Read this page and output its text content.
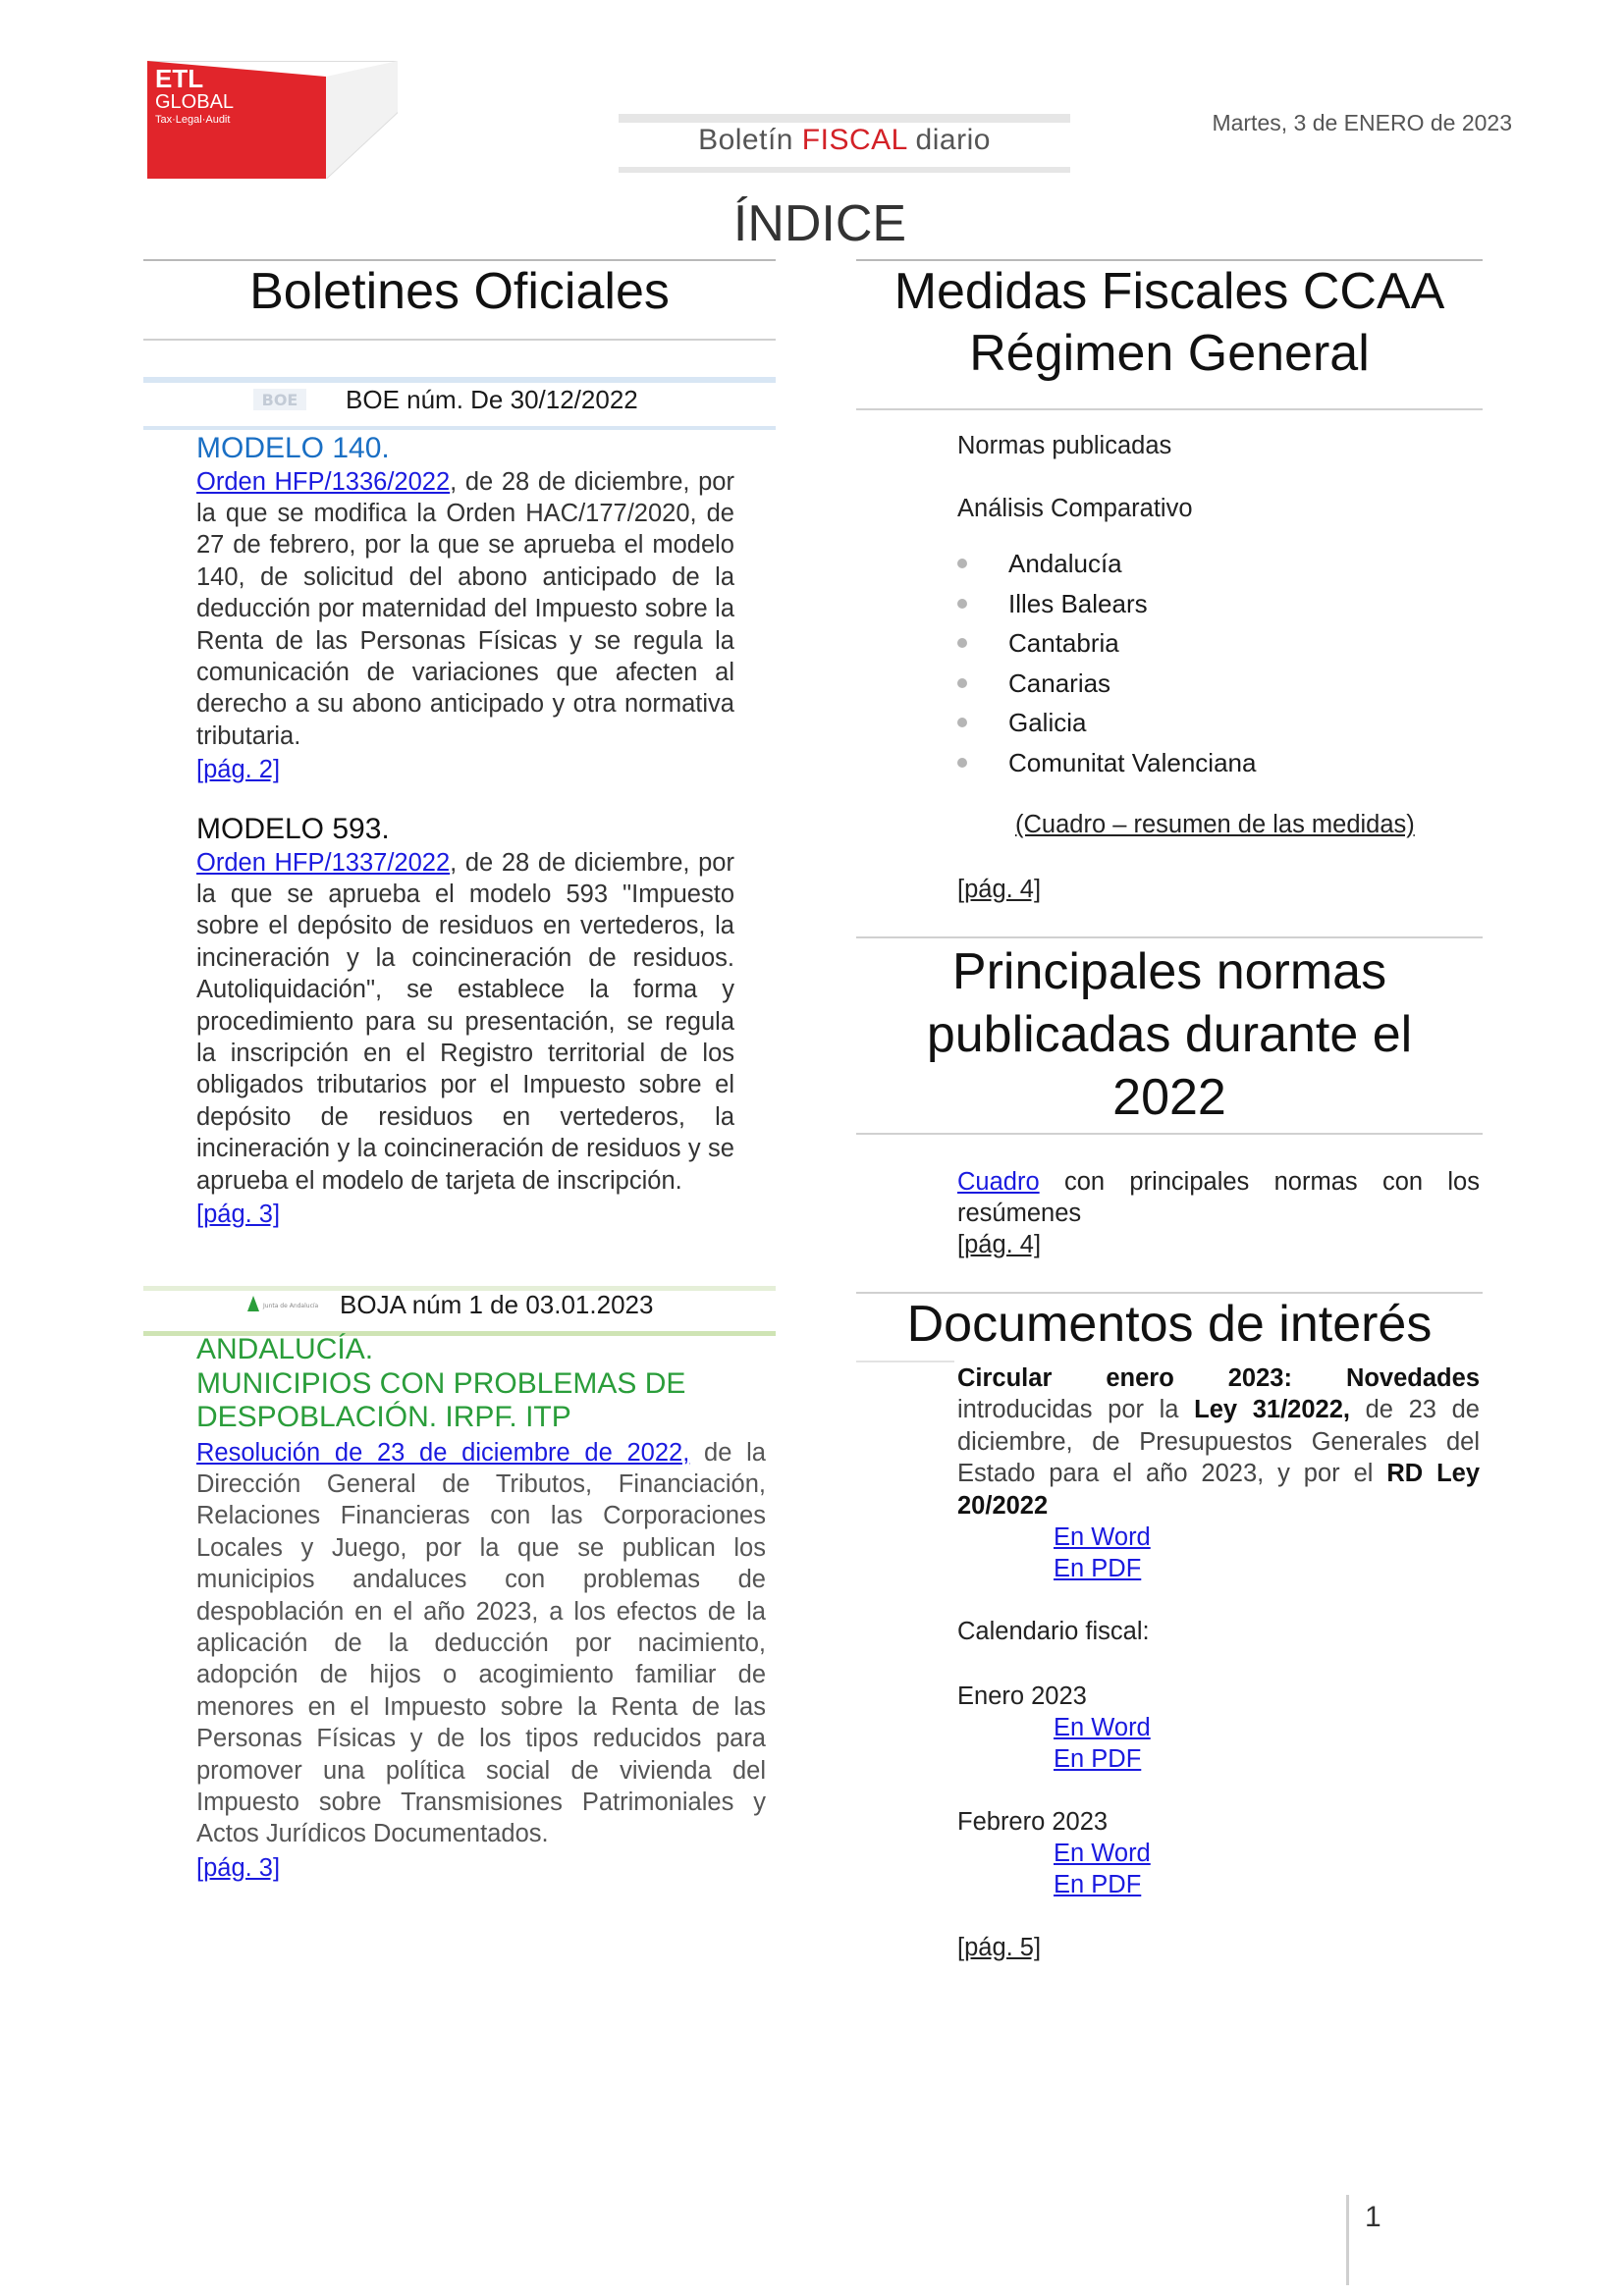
ETL
GLOBAL
Tax·Legal·Audit
Boletín FISCAL diario
Martes, 3 de ENERO de 2023
ÍNDICE
Boletines Oficiales
BOE BOE núm. De 30/12/2022
MODELO 140.
Orden HFP/1336/2022, de 28 de diciembre, por la que se modifica la Orden HAC/177/2020, de 27 de febrero, por la que se aprueba el modelo 140, de solicitud del abono anticipado de la deducción por maternidad del Impuesto sobre la Renta de las Personas Físicas y se regula la comunicación de variaciones que afecten al derecho a su abono anticipado y otra normativa tributaria.
[pág. 2]
MODELO 593.
Orden HFP/1337/2022, de 28 de diciembre, por la que se aprueba el modelo 593 "Impuesto sobre el depósito de residuos en vertederos, la incineración y la coincineración de residuos. Autoliquidación", se establece la forma y procedimiento para su presentación, se regula la inscripción en el Registro territorial de los obligados tributarios por el Impuesto sobre el depósito de residuos en vertederos, la incineración y la coincineración de residuos y se aprueba el modelo de tarjeta de inscripción.
[pág. 3]
Junta de Andalucía BOJA núm 1 de 03.01.2023
ANDALUCÍA.
MUNICIPIOS CON PROBLEMAS DE DESPOBLACIÓN. IRPF. ITP
Resolución de 23 de diciembre de 2022, de la Dirección General de Tributos, Financiación, Relaciones Financieras con las Corporaciones Locales y Juego, por la que se publican los municipios andaluces con problemas de despoblación en el año 2023, a los efectos de la aplicación de la deducción por nacimiento, adopción de hijos o acogimiento familiar de menores en el Impuesto sobre la Renta de las Personas Físicas y de los tipos reducidos para promover una política social de vivienda del Impuesto sobre Transmisiones Patrimoniales y Actos Jurídicos Documentados.
[pág. 3]
Medidas Fiscales CCAA
Régimen General
Normas publicadas
Análisis Comparativo
Andalucía
Illes Balears
Cantabria
Canarias
Galicia
Comunitat Valenciana
(Cuadro – resumen de las medidas)
[pág. 4]
Principales normas
publicadas durante el
2022
Cuadro con principales normas con los resúmenes
[pág. 4]
Documentos de interés
Circular enero 2023: Novedades introducidas por la Ley 31/2022, de 23 de diciembre, de Presupuestos Generales del Estado para el año 2023, y por el RD Ley 20/2022
En Word
En PDF
Calendario fiscal:
Enero 2023
En Word
En PDF
Febrero 2023
En Word
En PDF
[pág. 5]
1
